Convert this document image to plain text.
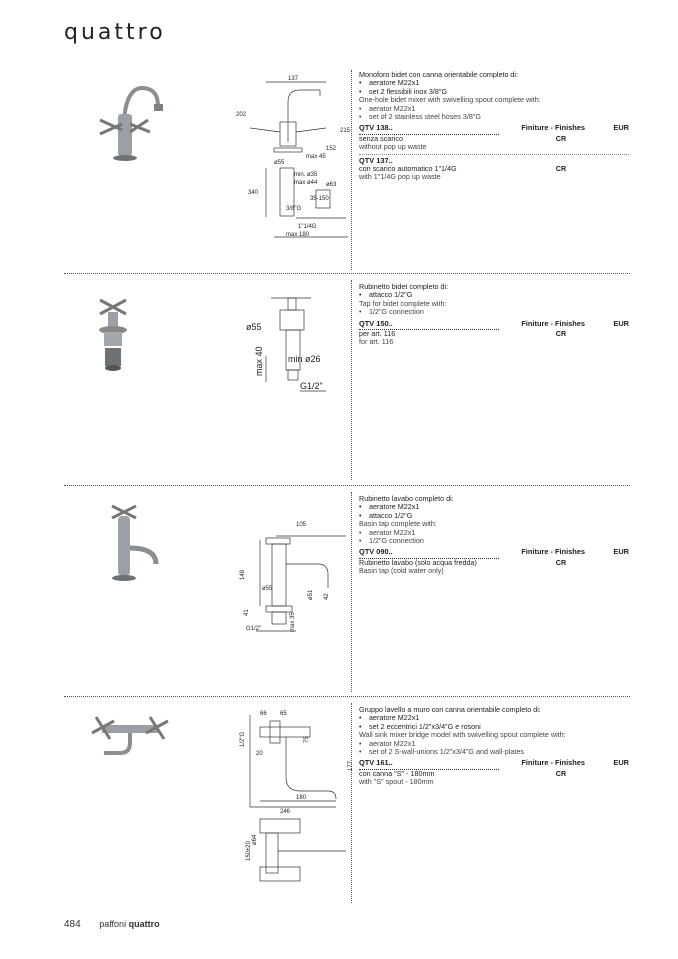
quattro
137
202
152
215
max 45
ø55
min. ø35
max ø44
340
ø63
35-150
3/8"G
1"1/4G
max 180
Monoforo bidet con canna orientabile completo di:
• aeratore M22x1
• set 2 flessibili inox 3/8"G
One-hole bidet mixer with swivelling spout complete with:
• aerator M22x1
• set of 2 stainless steel hoses 3/8"G
QTV 138..	Finiture - Finishes	EUR
senza scarico	CR
without pop up waste
QTV 137..
con scarico automatico 1"1/4G	CR
with 1"1/4G pop up waste
ø55
max 40	min ø26
G1/2"
Rubinetto bidet completo di:
• attacco 1/2"G
Tap for bidet complete with:
• 1/2"G connection
QTV 150..	Finiture - Finishes	EUR
per art. 116	CR
for art. 116
105
148
ø55
ø51 42
41	max 35
G1/2"
Rubinetto lavabo completo di:
• aeratore M22x1
• attacco 1/2"G
Basin tap complete with:
• aerator M22x1
• 1/2"G connection
QTV 090..	Finiture - Finishes	EUR
Rubinetto lavabo (solo acqua fredda)	CR
Basin tap (cold water only)
66 65
1/2"G	75
20
177
180
246
150±20
ø64
Gruppo lavello a muro con canna orientabile completo di:
• aeratore M22x1
• set 2 eccentrici 1/2"x3/4"G e rosoni
Wall sink mixer bridge model with swivelling spout complete with:
• aerator M22x1
• set of 2 S-wall-unions 1/2"x3/4"G and wall-plates
QTV 161..	Finiture - Finishes	EUR
con canna "S" - 180mm	CR
with "S" spout - 180mm
484 paffoni quattro
